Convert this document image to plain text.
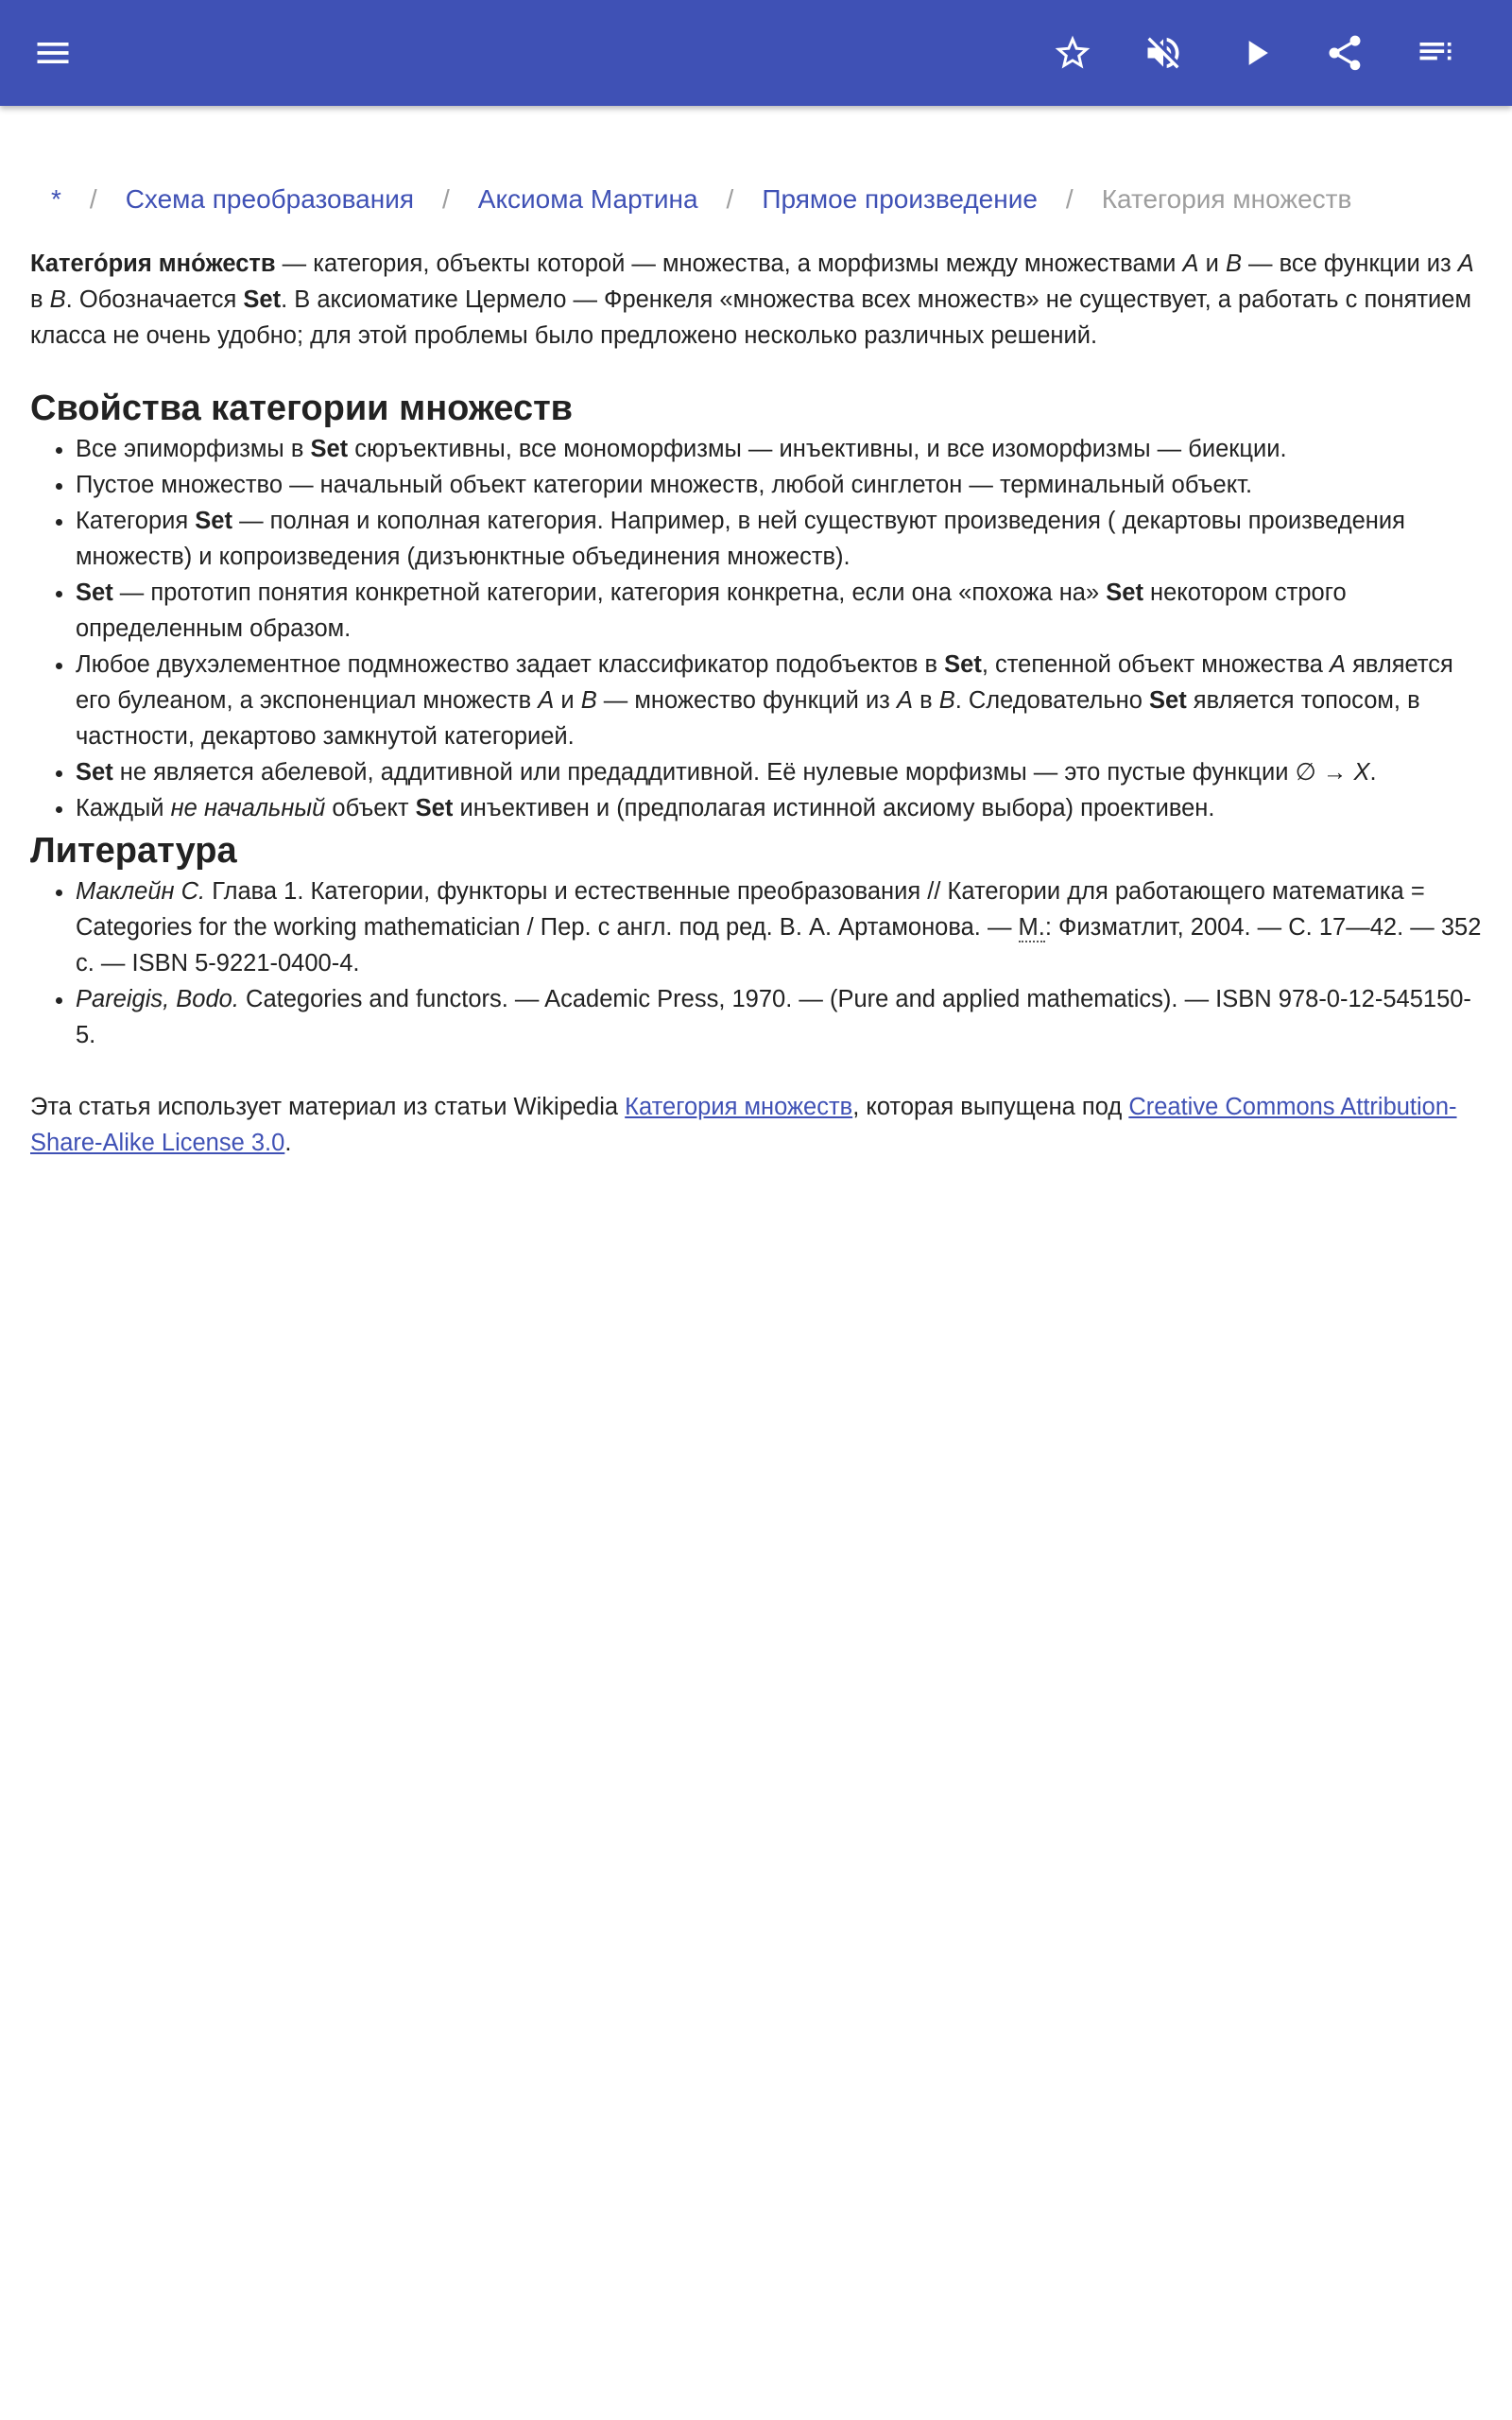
* / Схема преобразования / Аксиома Мартина / Прямое произведение / Категория множеств

Катего́рия мно́жеств — категория, объекты которой — множества, а морфизмы между множествами A и B — все функции из A в B. Обозначается Set. В аксиоматике Цермело — Френкеля «множества всех множеств» не существует, а работать с понятием класса не очень удобно; для этой проблемы было предложено несколько различных решений.

Свойства категории множеств
• Все эпиморфизмы в Set сюръективны, все мономорфизмы — инъективны, и все изоморфизмы — биекции.
• Пустое множество — начальный объект категории множеств, любой синглетон — терминальный объект.
• Категория Set — полная и кополная категория. Например, в ней существуют произведения ( декартовы произведения множеств) и копроизведения (дизъюнктные объединения множеств).
• Set — прототип понятия конкретной категории, категория конкретна, если она «похожа на» Set некотором строго определенным образом.
• Любое двухэлементное подмножество задает классификатор подобъектов в Set, степенной объект множества A является его булеаном, а экспоненциал множеств A и B — множество функций из A в B. Следовательно Set является топосом, в частности, декартово замкнутой категорией.
• Set не является абелевой, аддитивной или предаддитивной. Её нулевые морфизмы — это пустые функции ∅ → X.
• Каждый не начальный объект Set инъективен и (предполагая истинной аксиому выбора) проективен.
Литература
• Маклейн С. Глава 1. Категории, функторы и естественные преобразования // Категории для работающего математика = Categories for the working mathematician / Пер. с англ. под ред. В. А. Артамонова. — М.: Физматлит, 2004. — С. 17—42. — 352 с. — ISBN 5-9221-0400-4.
• Pareigis, Bodo. Categories and functors. — Academic Press, 1970. — (Pure and applied mathematics). — ISBN 978-0-12-545150-5.

Эта статья использует материал из статьи Wikipedia Категория множеств, которая выпущена под Creative Commons Attribution-Share-Alike License 3.0.
